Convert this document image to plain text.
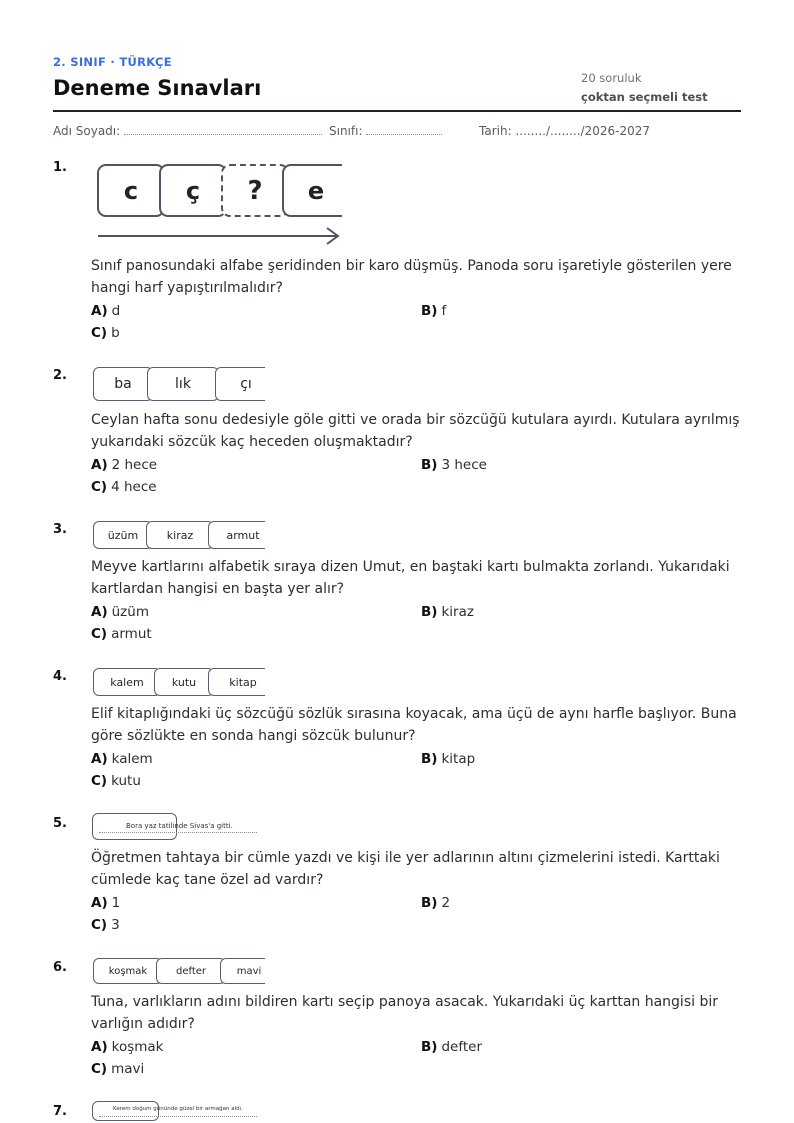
2. SINIF · TÜRKÇE
Deneme Sınavları	20 soruluk
çoktan seçmeli test
Adı Soyadı:	Sınıfı:	Tarih: ......../......../2026-2027
1.
c	ç	?	e
Sınıf panosundaki alfabe şeridinden bir karo düşmüş. Panoda soru işaretiyle gösterilen yere hangi harf yapıştırılmalıdır?
A) d	B) f
C) b
2.
ba	lık	çı
Ceylan hafta sonu dedesiyle göle gitti ve orada bir sözcüğü kutulara ayırdı. Kutulara ayrılmış yukarıdaki sözcük kaç heceden oluşmaktadır?
A) 2 hece	B) 3 hece
C) 4 hece
3.	üzüm	kiraz	armut
Meyve kartlarını alfabetik sıraya dizen Umut, en baştaki kartı bulmakta zorlandı. Yukarıdaki kartlardan hangisi en başta yer alır?
A) üzüm	B) kiraz
C) armut
4.	kalem	kutu	kitap
Elif kitaplığındaki üç sözcüğü sözlük sırasına koyacak, ama üçü de aynı harfle başlıyor. Buna göre sözlükte en sonda hangi sözcük bulunur?
A) kalem	B) kitap
C) kutu
5.	Bora yaz tatilinde Sivas'a gitti.
Öğretmen tahtaya bir cümle yazdı ve kişi ile yer adlarının altını çizmelerini istedi. Karttaki cümlede kaç tane özel ad vardır?
A) 1	B) 2
C) 3
6.	koşmak	defter	mavi
Tuna, varlıkların adını bildiren kartı seçip panoya asacak. Yukarıdaki üç karttan hangisi bir varlığın adıdır?
A) koşmak	B) defter
C) mavi
7.	Kerem doğum gününde güzel bir armağan aldı.
